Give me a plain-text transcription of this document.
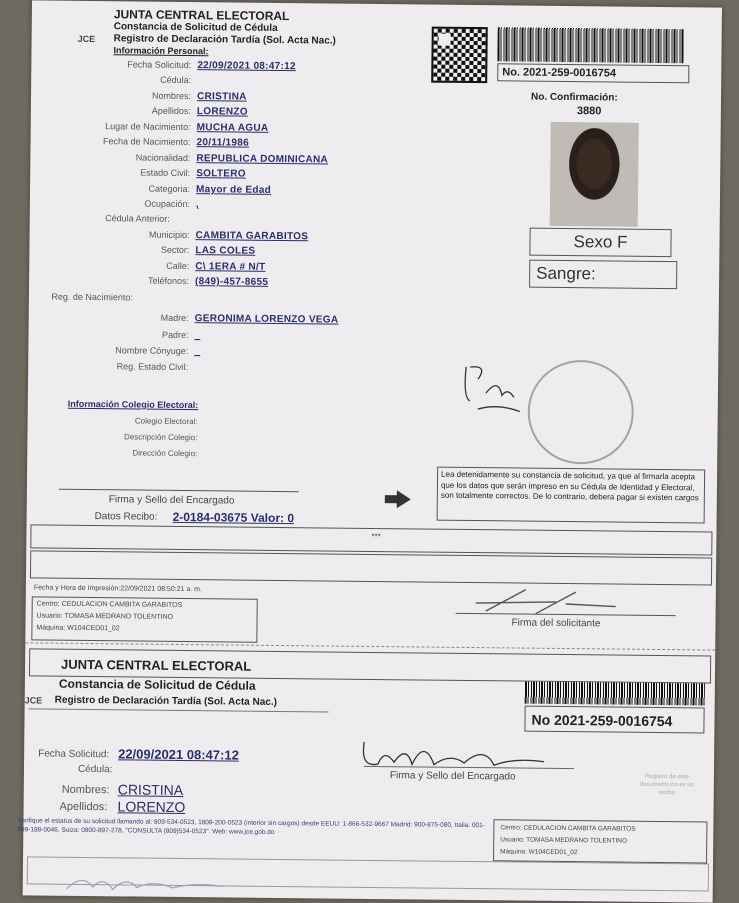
JUNTA CENTRAL ELECTORAL
Constancia de Solicitud de Cédula
JCE Registro de Declaración Tardía (Sol. Acta Nac.)
Información Personal:
No. 2021-259-0016754
No. Confirmación:
3880
Sexo F
Sangre:
Fecha Solicitud: 22/09/2021 08:47:12
Cédula:
Nombres: CRISTINA
Apellidos: LORENZO
Lugar de Nacimiento: MUCHA AGUA
Fecha de Nacimiento: 20/11/1986
Nacionalidad: REPUBLICA DOMINICANA
Estado Civil: SOLTERO
Categoria: Mayor de Edad
Ocupación: ,
Cédula Anterior:
Municipio: CAMBITA GARABITOS
Sector: LAS COLES
Calle: C\ 1ERA # N/T
Teléfonos: (849)-457-8655
Reg. de Nacimiento:
Madre: GERONIMA LORENZO VEGA
Padre: _
Nombre Cónyuge: _
Reg. Estado Civil:
Información Colegio Electoral:
Colegio Electoral:
Descripción Colegio:
Dirección Colegio:
Firma y Sello del Encargado
Datos Recibo: 2-0184-03675 Valor: 0
Lea detenidamente su constancia de solicitud, ya que al firmarla acepta que los datos que serán impreso en su Cédula de Identidad y Electoral, son totalmente correctos. De lo contrario, debera pagar si existen cargos
***
Fecha y Hora de Impresión:22/09/2021 08:50:21 a. m.
Centro: CEDULACION CAMBITA GARABITOS
Usuario: TOMASA MEDRANO TOLENTINO
Máquina: W104CED01_02	Firma del solicitante
JUNTA CENTRAL ELECTORAL
Constancia de Solicitud de Cédula
JCE Registro de Declaración Tardía (Sol. Acta Nac.)
No 2021-259-0016754
Fecha Solicitud: 22/09/2021 08:47:12
Cédula:
Nombres: CRISTINA
Apellidos: LORENZO
Firma y Sello del Encargado	Registro de este documento no es un recibo
Verifique el estatus de su solicitud llamando al: 809-534-0523, 1809-200-0523 (interior sin cargos) desde EEUU: 1-866-532-9667 Madrid: 900-875-080, Italia: 001-809-188-0046, Suiza: 0800-897-278, "CONSULTA (809)534-0523". Web: www.jce.gob.do	Centro: CEDULACION CAMBITA GARABITOS
Usuario: TOMASA MEDRANO TOLENTINO
Máquina: W104CED01_02
